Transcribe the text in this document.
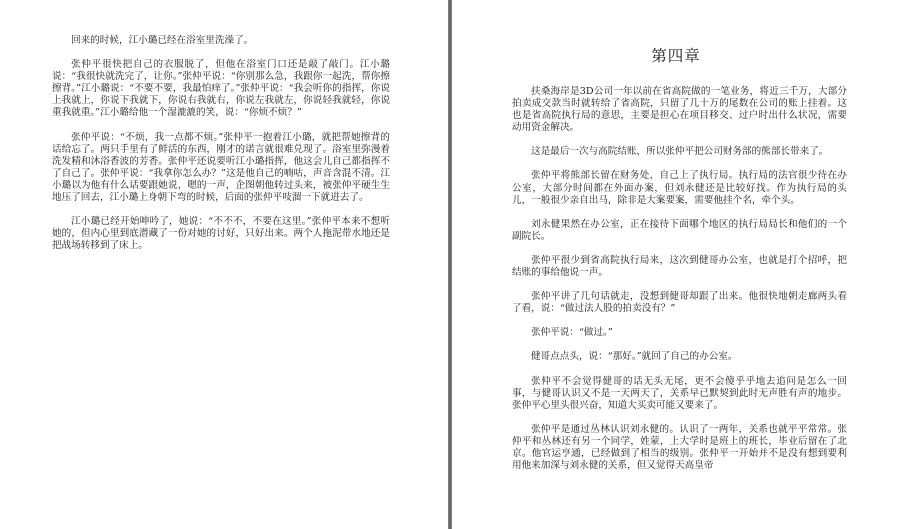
回来的时候，江小璐已经在浴室里洗澡了。

张仲平很快把自己的衣服脱了，但他在浴室门口还是敲了敲门。江小璐说：“我很快就洗完了，让你。”张仲平说：“你别那么急，我跟你一起洗，帮你擦擦背。”江小璐说：“不要不要，我最怕痒了。”张仲平说：“我会听你的指挥，你说上我就上，你说下我就下，你说右我就右，你说左我就左，你说轻我就轻，你说重我就重。”江小璐给他一个湿漉漉的笑，说：“你烦不烦？”

张仲平说：“不烦，我一点都不烦。”张仲平一抱着江小璐，就把帮她擦背的话给忘了。两只手里有了鲜活的东西，刚才的诺言就很难兑现了。浴室里弥漫着洗发精和沐浴香波的芳香。张仲平还说要听江小璐指挥，他这会儿自己都指挥不了自己了。张仲平说：“我拿你怎么办？”这是他自己的喃咕，声音含混不清。江小璐以为他有什么话要跟她说，嗯的一声，企图朝他转过头来，被张仲平硬生生地压了回去，江小璐上身朝下弯的时候，后面的张仲平吱溜一下就进去了。

江小璐已经开始呻吟了，她说：“不不不，不要在这里。”张仲平本来不想听她的，但内心里到底潜藏了一份对她的讨好，只好出来。两个人拖泥带水地还是把战场转移到了床上。

第四章

扶桑海岸是3D公司一年以前在省高院做的一笔业务，将近三千万，大部分拍卖成交款当时就转给了省高院，只留了几十万的尾数在公司的账上挂着。这也是省高院执行局的意思，主要是担心在项目移交、过户时出什么状况，需要动用资金解决。

这是最后一次与高院结账，所以张仲平把公司财务部的熊部长带来了。

张仲平将熊部长留在财务处，自己上了执行局。执行局的法官很少待在办公室，大部分时间都在外面办案，但刘永健还是比较好找。作为执行局的头儿，一般很少亲自出马，除非是大案要案，需要他挂个名，牵个头。

刘永健果然在办公室，正在接待下面哪个地区的执行局局长和他们的一个副院长。

张仲平很少到省高院执行局来，这次到健哥办公室，也就是打个招呼，把结账的事给他说一声。

张仲平讲了几句话就走，没想到健哥却跟了出来。他很快地朝走廊两头看了看，说：“做过法人股的拍卖没有？”

张仲平说：“做过。”

健哥点点头，说：“那好。”就回了自己的办公室。

张仲平不会觉得健哥的话无头无尾，更不会傻乎乎地去追问是怎么一回事，与健哥认识又不是一天两天了，关系早已默契到此时无声胜有声的地步。张仲平心里头很兴奋，知道大买卖可能又要来了。

张仲平是通过丛林认识刘永健的。认识了一两年，关系也就平平常常。张仲平和丛林还有另一个同学，姓蒙，上大学时是班上的班长，毕业后留在了北京。他官运亨通，已经做到了相当的级别。张仲平一开始并不是没有想到要利用他来加深与刘永健的关系，但又觉得天高皇帝
